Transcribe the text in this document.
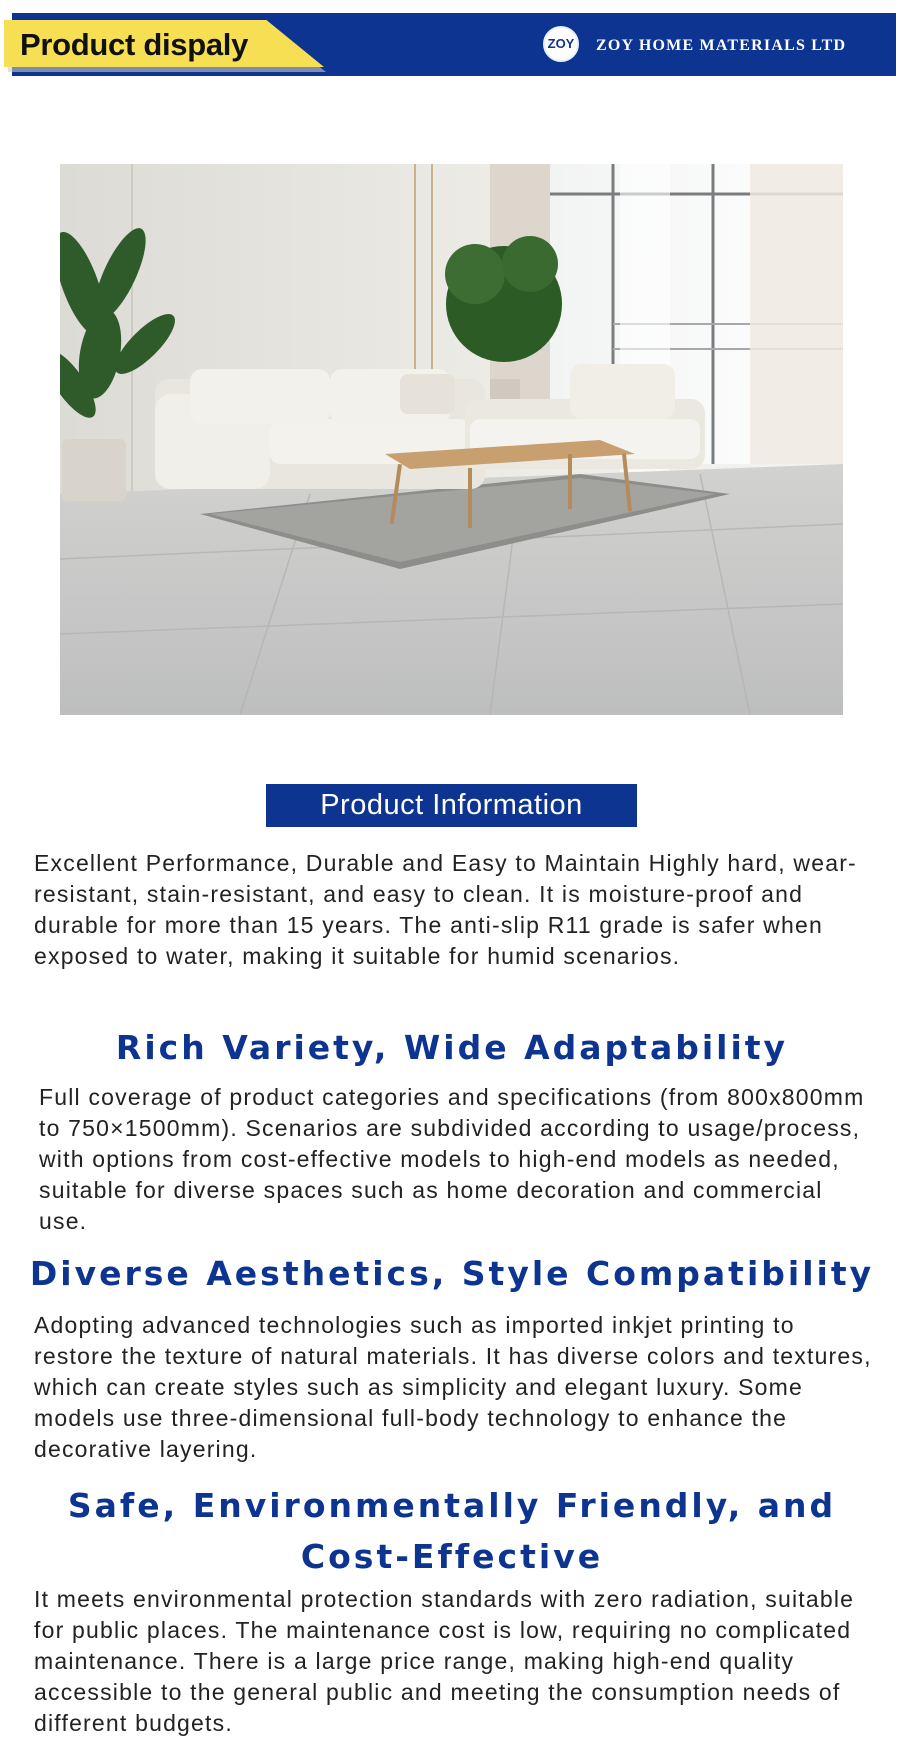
Product dispaly	ZOY ZOY HOME MATERIALS LTD
Product Information

Excellent Performance, Durable and Easy to Maintain Highly hard, wear-resistant, stain-resistant, and easy to clean. It is moisture-proof and durable for more than 15 years. The anti-slip R11 grade is safer when exposed to water, making it suitable for humid scenarios.

Rich Variety, Wide Adaptability

Full coverage of product categories and specifications (from 800x800mm to 750×1500mm). Scenarios are subdivided according to usage/process, with options from cost-effective models to high-end models as needed, suitable for diverse spaces such as home decoration and commercial use.

Diverse Aesthetics, Style Compatibility

Adopting advanced technologies such as imported inkjet printing to restore the texture of natural materials. It has diverse colors and textures, which can create styles such as simplicity and elegant luxury. Some models use three-dimensional full-body technology to enhance the decorative layering.

Safe, Environmentally Friendly, and Cost-Effective

It meets environmental protection standards with zero radiation, suitable for public places. The maintenance cost is low, requiring no complicated maintenance. There is a large price range, making high-end quality accessible to the general public and meeting the consumption needs of different budgets.
